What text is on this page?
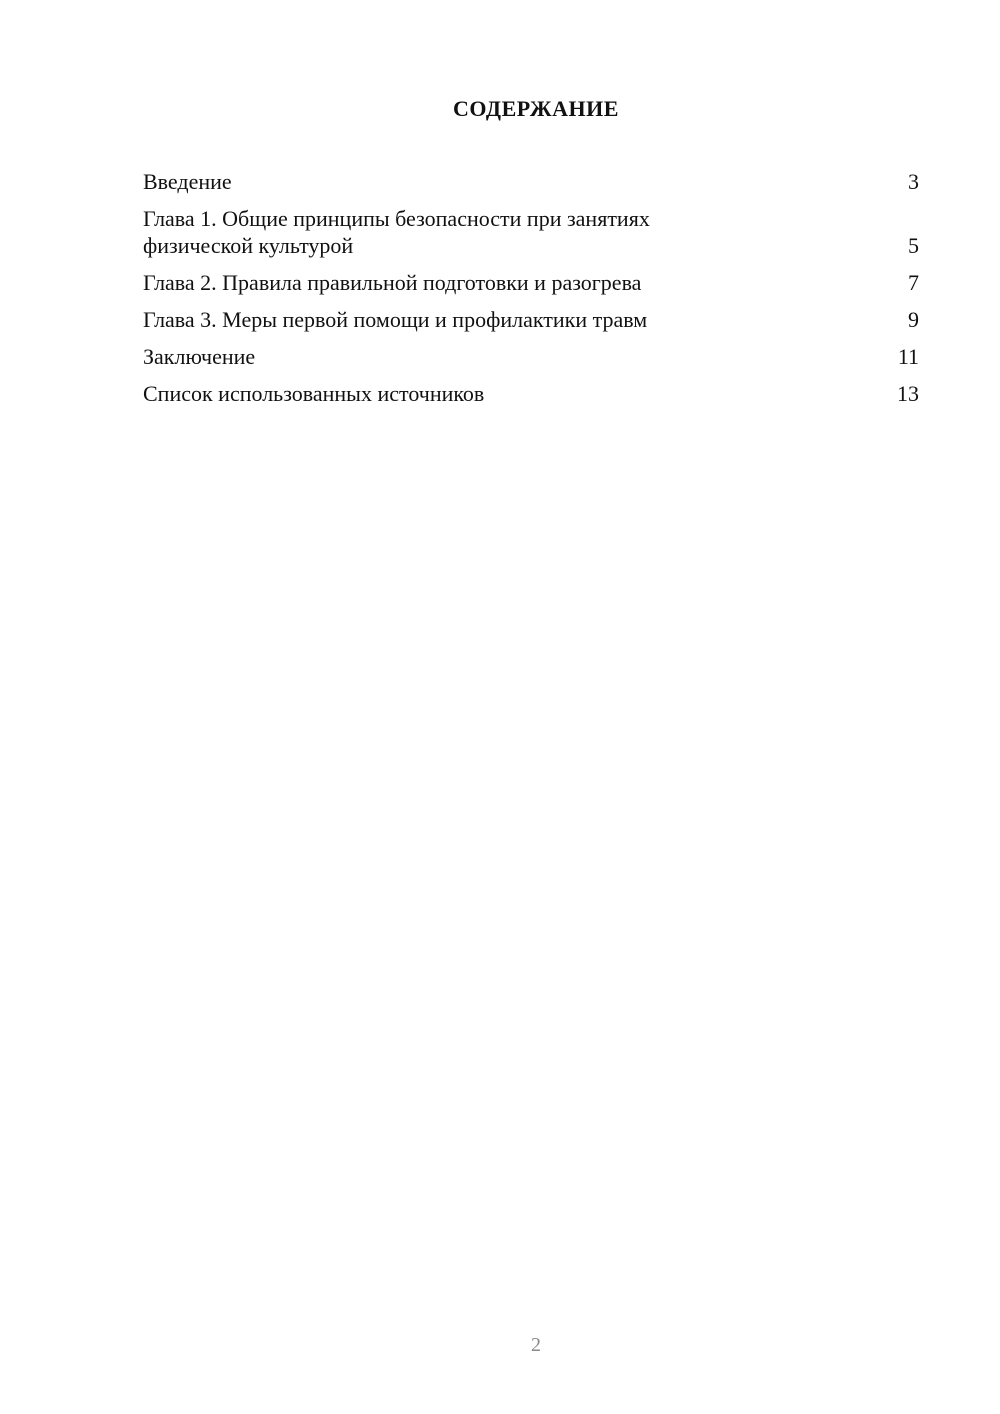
СОДЕРЖАНИЕ
Введение	3
Глава 1. Общие принципы безопасности при занятиях физической культурой	5
Глава 2. Правила правильной подготовки и разогрева	7
Глава 3. Меры первой помощи и профилактики травм	9
Заключение	11
Список использованных источников	13
2
